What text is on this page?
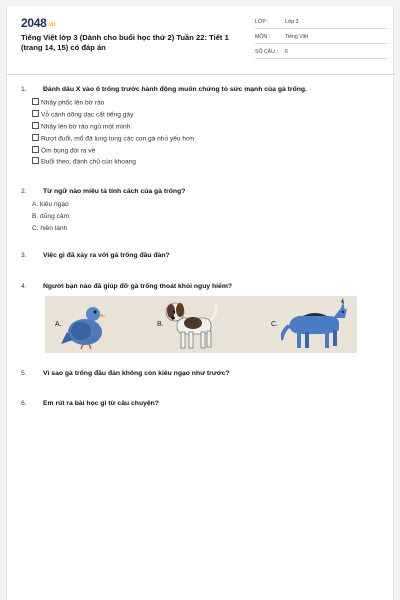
2048.vn
Tiếng Việt lớp 3 (Dành cho buổi học thứ 2) Tuần 22: Tiết 1 (trang 14, 15) có đáp án
LỚP :	Lớp 3
MÔN :	Tiếng Việt
SỐ CÂU : 6
1. Đánh dấu X vào ô trống trước hành động muốn chứng tỏ sức mạnh của gà trống.
Nhảy phốc lên bờ rào
Vỗ cánh dõng dạc cất tiếng gáy
Nhảy lên bờ rào ngủ một mình
Rượt đuổi, mổ đá lung tung các con gà nhỏ yếu hơn
Ôm bụng đói ra về
Đuổi theo, đánh chủ cún khoang
2. Từ ngữ nào miêu tả tính cách của gà trống?
A. kiêu ngạo
B. dũng cảm
C. hiền lành
3. Việc gì đã xảy ra với gà trống đầu đàn?
4. Người bạn nào đã giúp đỡ gà trống thoát khỏi nguy hiểm?
A.	B.	C.
5. Vì sao gà trống đầu đàn không còn kiêu ngạo như trước?
6. Em rút ra bài học gì từ câu chuyện?
